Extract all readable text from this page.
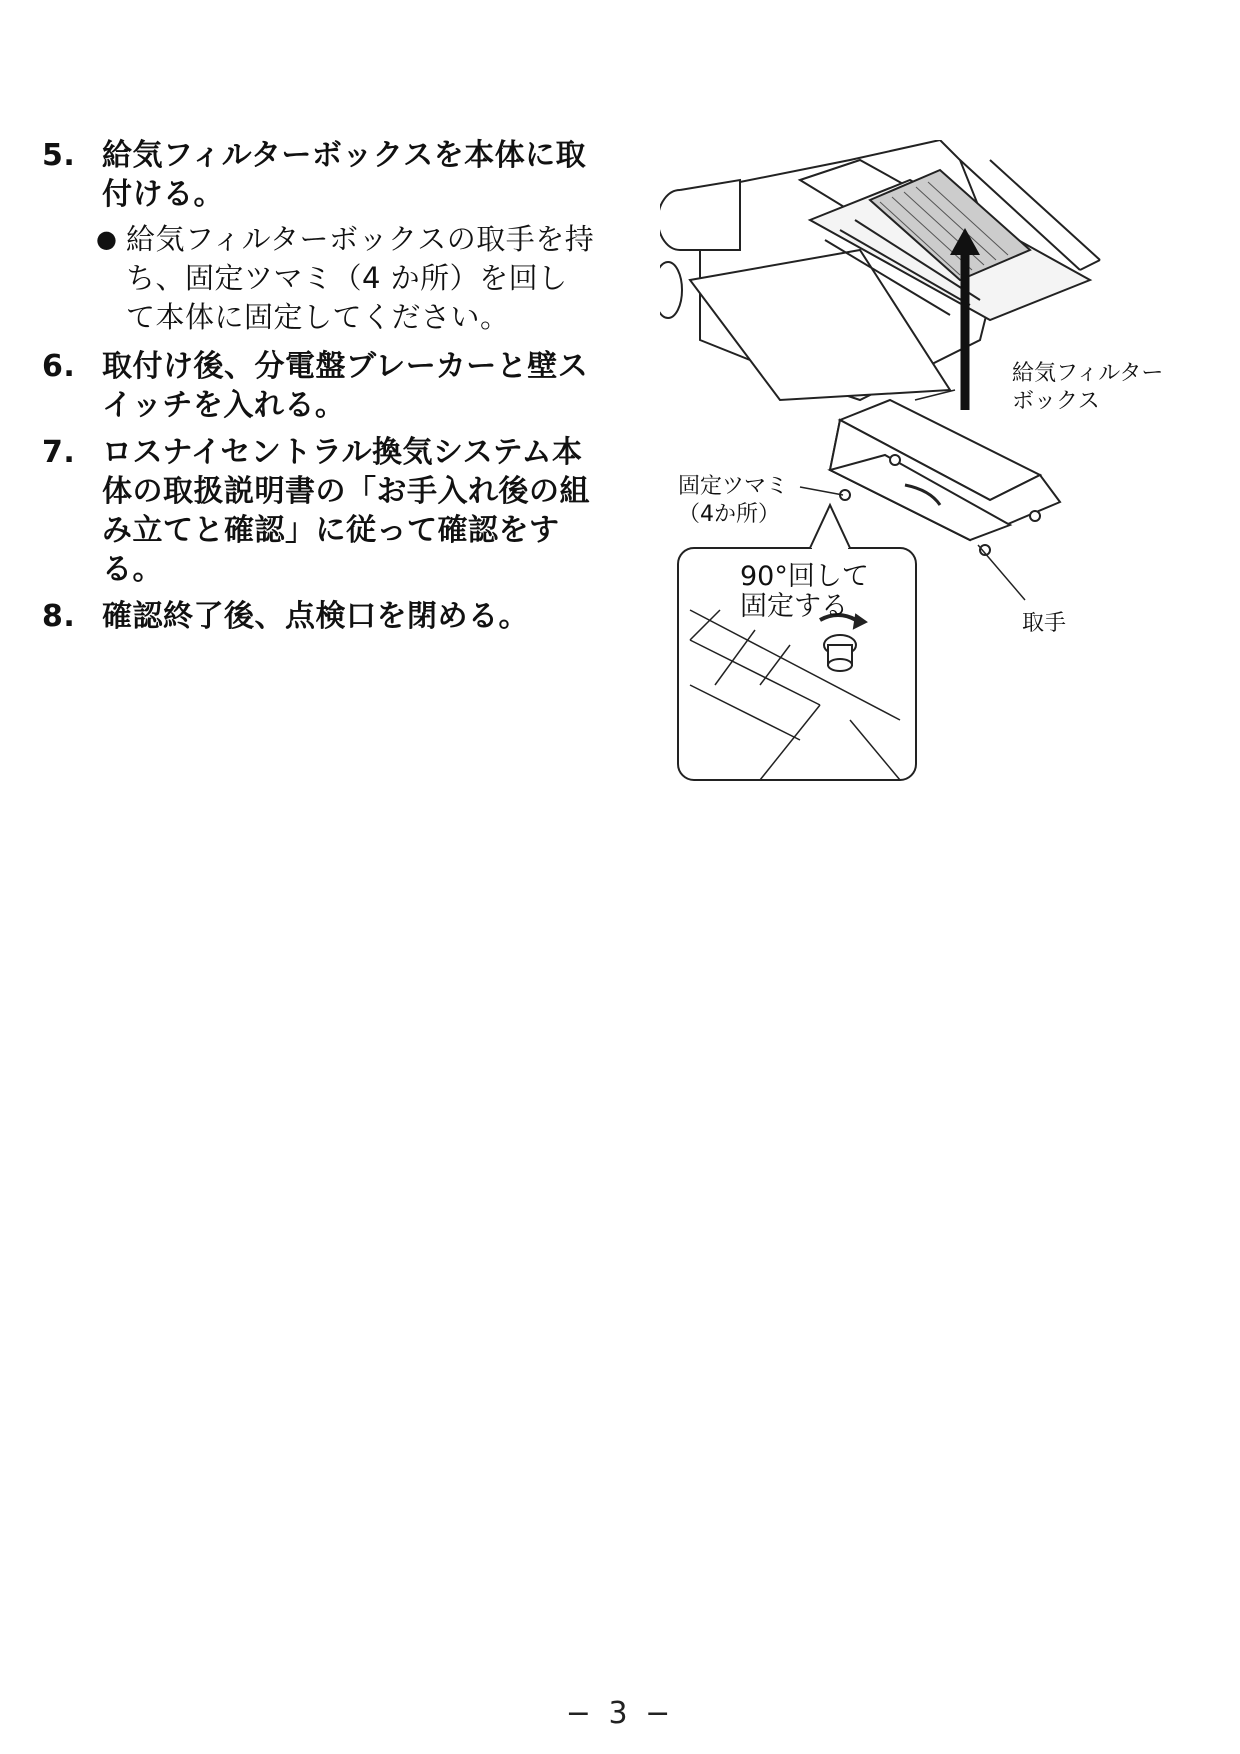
5. 給気フィルターボックスを本体に取付ける。
● 給気フィルターボックスの取手を持ち、固定ツマミ（4 か所）を回して本体に固定してください。
6. 取付け後、分電盤ブレーカーと壁スイッチを入れる。
7. ロスナイセントラル換気システム本体の取扱説明書の「お手入れ後の組み立てと確認」に従って確認をする。
8. 確認終了後、点検口を閉める。
給気フィルター
ボックス
固定ツマミ
（4か所）
90°回して
固定する
取手
− 3 −
